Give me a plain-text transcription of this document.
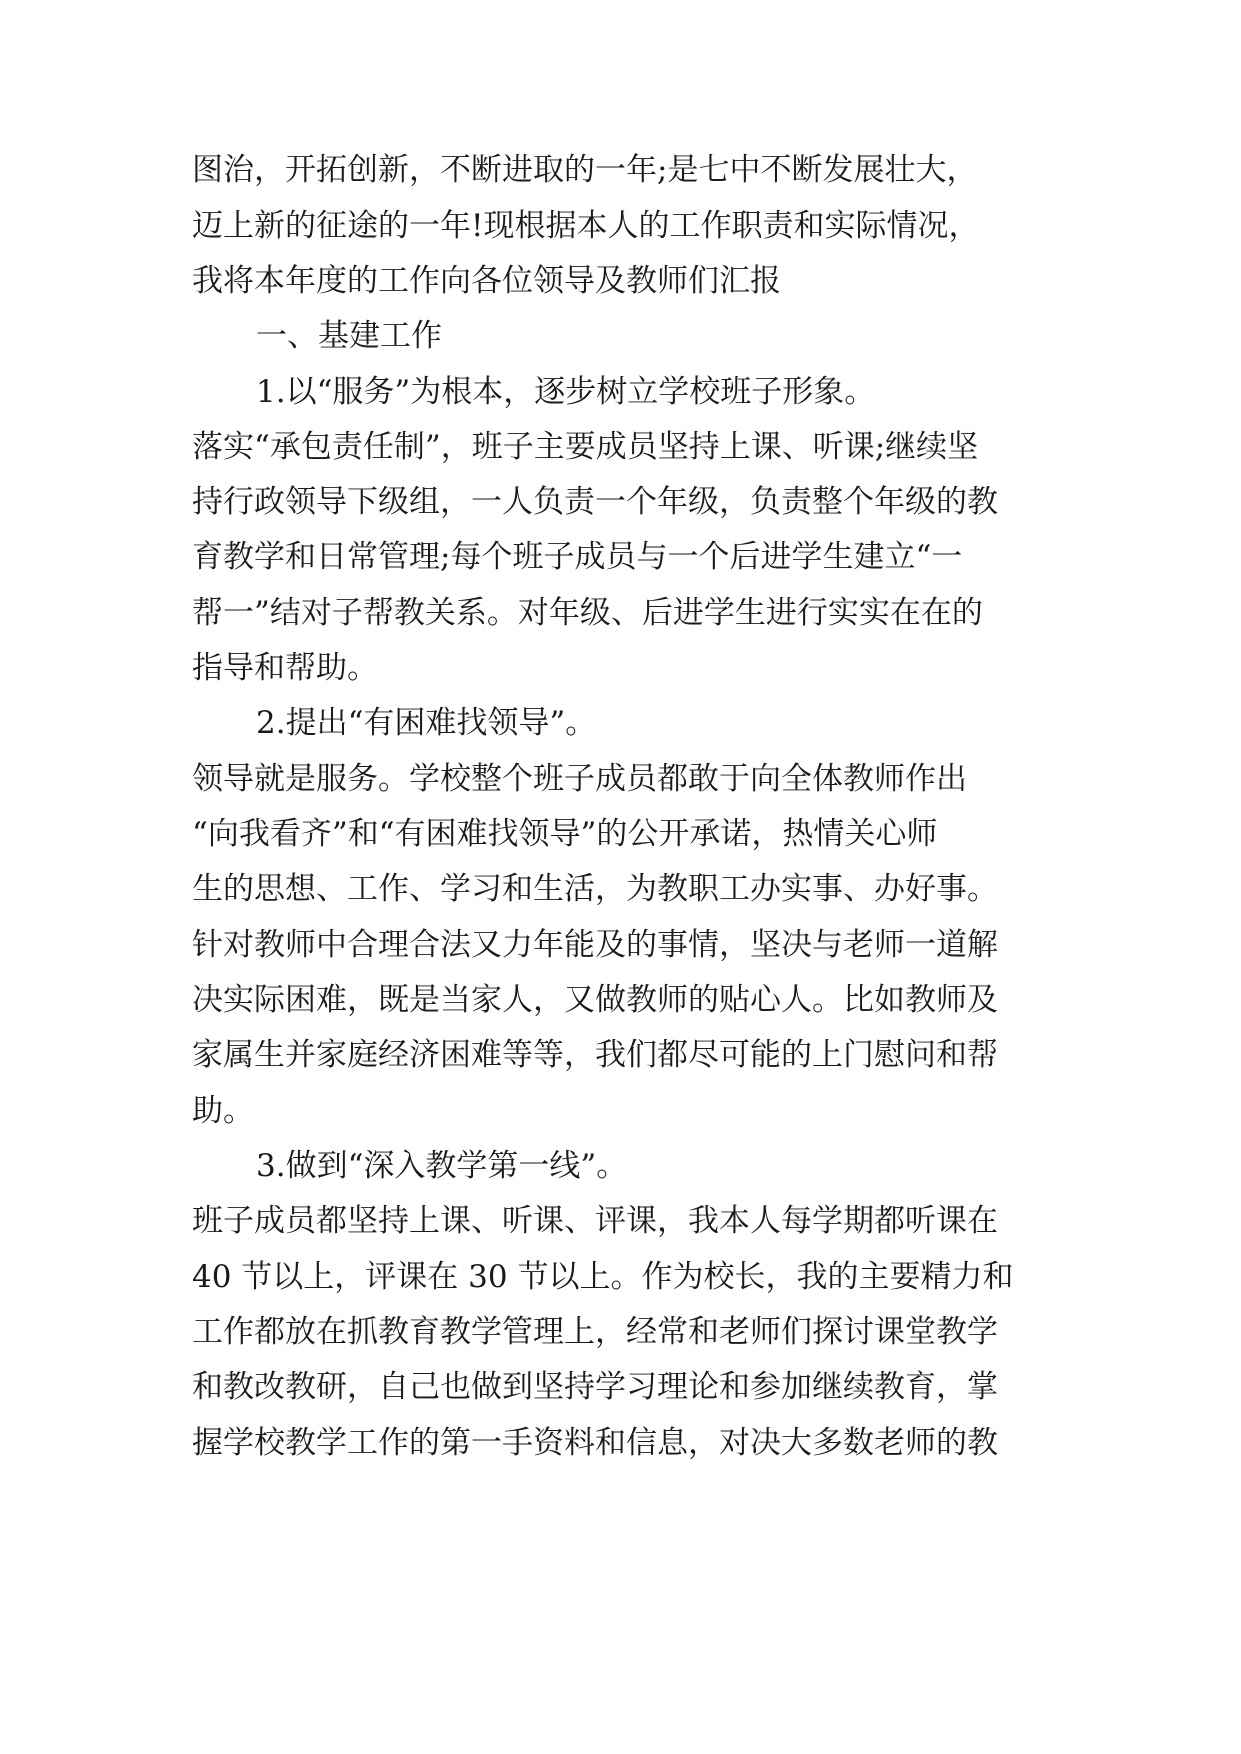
图治，开拓创新，不断进取的一年;是七中不断发展壮大，
迈上新的征途的一年!现根据本人的工作职责和实际情况，
我将本年度的工作向各位领导及教师们汇报
一、基建工作
1.以“服务”为根本，逐步树立学校班子形象。
落实“承包责任制”，班子主要成员坚持上课、听课;继续坚
持行政领导下级组，一人负责一个年级，负责整个年级的教
育教学和日常管理;每个班子成员与一个后进学生建立“一
帮一”结对子帮教关系。对年级、后进学生进行实实在在的
指导和帮助。
2.提出“有困难找领导”。
领导就是服务。学校整个班子成员都敢于向全体教师作出
“向我看齐”和“有困难找领导”的公开承诺，热情关心师
生的思想、工作、学习和生活，为教职工办实事、办好事。
针对教师中合理合法又力年能及的事情，坚决与老师一道解
决实际困难，既是当家人，又做教师的贴心人。比如教师及
家属生并家庭经济困难等等，我们都尽可能的上门慰问和帮
助。
3.做到“深入教学第一线”。
班子成员都坚持上课、听课、评课，我本人每学期都听课在
40 节以上，评课在 30 节以上。作为校长，我的主要精力和
工作都放在抓教育教学管理上，经常和老师们探讨课堂教学
和教改教研，自己也做到坚持学习理论和参加继续教育，掌
握学校教学工作的第一手资料和信息，对决大多数老师的教
